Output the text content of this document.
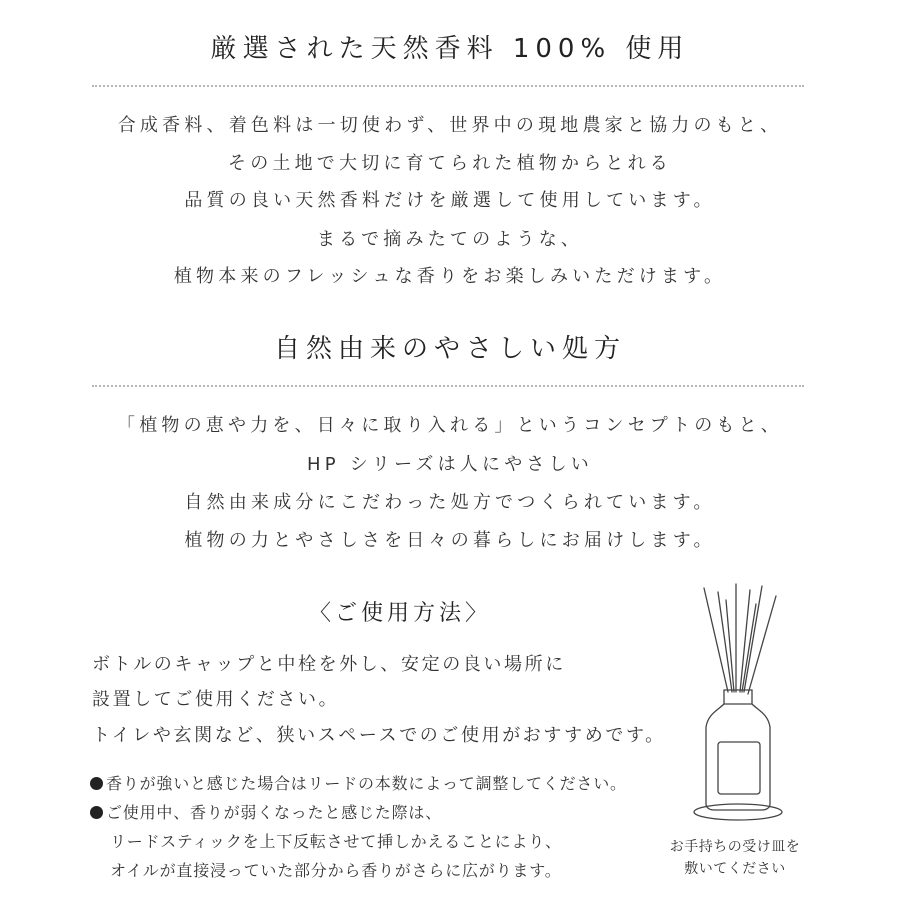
厳選された天然香料 100% 使用
合成香料、着色料は一切使わず、世界中の現地農家と協力のもと、
その土地で大切に育てられた植物からとれる
品質の良い天然香料だけを厳選して使用しています。
まるで摘みたてのような、
植物本来のフレッシュな香りをお楽しみいただけます。
自然由来のやさしい処方
「植物の恵や力を、日々に取り入れる」というコンセプトのもと、
HP シリーズは人にやさしい
自然由来成分にこだわった処方でつくられています。
植物の力とやさしさを日々の暮らしにお届けします。
〈ご使用方法〉
ボトルのキャップと中栓を外し、安定の良い場所に
設置してご使用ください。
トイレや玄関など、狭いスペースでのご使用がおすすめです。
香りが強いと感じた場合はリードの本数によって調整してください。
ご使用中、香りが弱くなったと感じた際は、
リードスティックを上下反転させて挿しかえることにより、
オイルが直接浸っていた部分から香りがさらに広がります。
お手持ちの受け皿を
敷いてください
